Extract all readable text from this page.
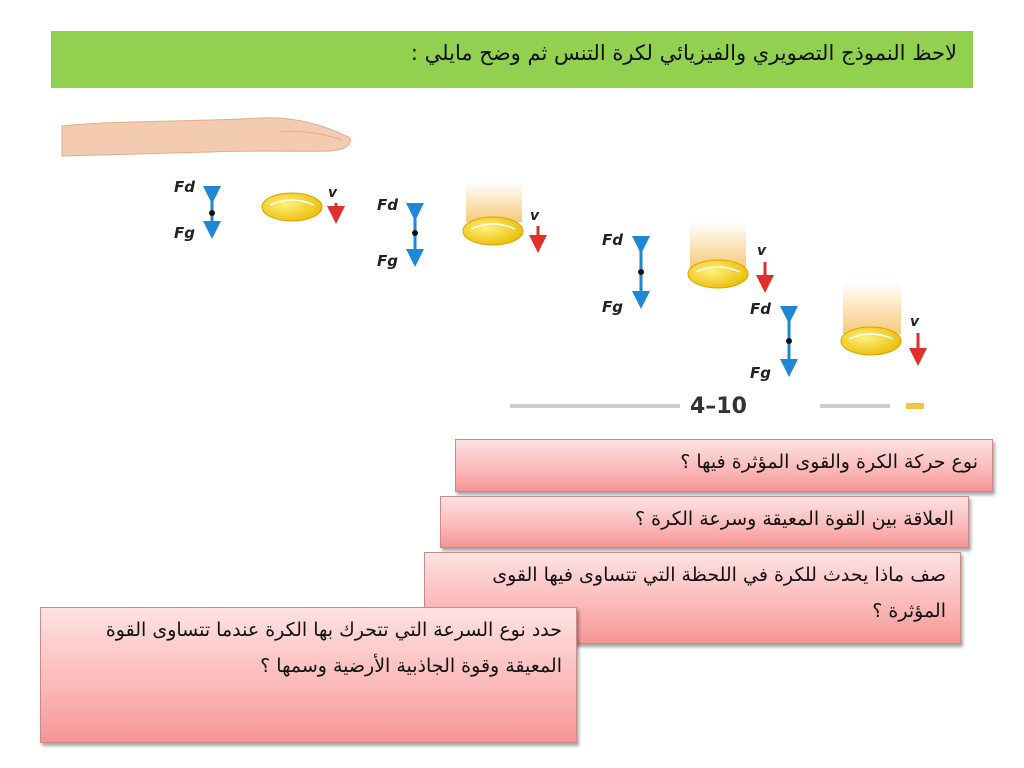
لاحظ النموذج التصويري والفيزيائي لكرة التنس ثم وضح مايلي :
Fd
Fg
v
Fd
Fg
v
Fd
Fg
v
Fd
Fg
v
4–10
نوع حركة الكرة والقوى المؤثرة فيها ؟
العلاقة بين القوة المعيقة وسرعة الكرة ؟
صف ماذا يحدث للكرة في اللحظة التي تتساوى فيها القوى المؤثرة ؟
حدد نوع السرعة التي تتحرك بها الكرة عندما تتساوى القوة المعيقة وقوة الجاذبية الأرضية وسمها ؟
